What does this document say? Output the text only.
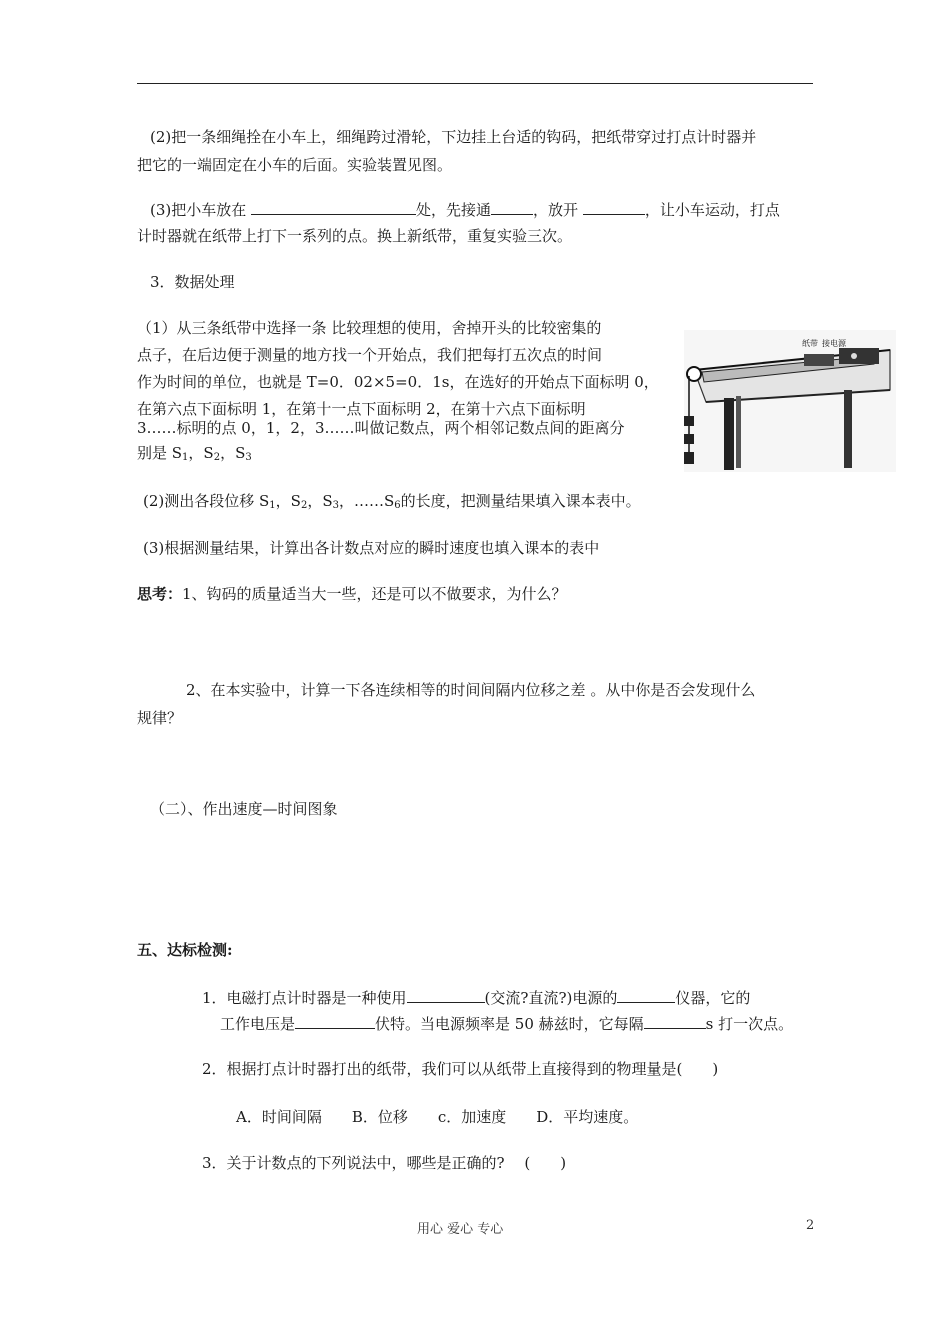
(2)把一条细绳拴在小车上，细绳跨过滑轮，下边挂上台适的钩码，把纸带穿过打点计时器并
把它的一端固定在小车的后面。实验装置见图。
(3)把小车放在	处，先接通	，放开	，让小车运动，打点
计时器就在纸带上打下一系列的点。换上新纸带，重复实验三次。
3．数据处理
（1）从三条纸带中选择一条 比较理想的使用，舍掉开头的比较密集的
点子，在后边便于测量的地方找一个开始点，我们把每打五次点的时间
作为时间的单位，也就是 T=0．02×5=0．1s，在选好的开始点下面标明 0，
在第六点下面标明 1，在第十一点下面标明 2，在第十六点下面标明
3……标明的点 0，1，2，3……叫做记数点，两个相邻记数点间的距离分
别是 $S_1$，$S_2$，$S_3$
纸带 接电源
(2)测出各段位移 $S_1$，$S_2$，$S_3$，$\dots\dots S_6$的长度，把测量结果填入课本表中。
(3)根据测量结果，计算出各计数点对应的瞬时速度也填入课本的表中
思考：1、钩码的质量适当大一些，还是可以不做要求，为什么？
2、在本实验中，计算一下各连续相等的时间间隔内位移之差 。从中你是否会发现什么
规律？
（二）、作出速度—时间图象
五、达标检测:
1．电磁打点计时器是一种使用	(交流?直流?)电源的	仪器，它的
工作电压是	伏特。当电源频率是 50 赫兹时，它每隔	s 打一次点。
2．根据打点计时器打出的纸带，我们可以从纸带上直接得到的物理量是(　　)
A．时间间隔　　B．位移　　c．加速度　　D．平均速度。
3．关于计数点的下列说法中，哪些是正确的?　 (　　)
用心 爱心 专心	2
